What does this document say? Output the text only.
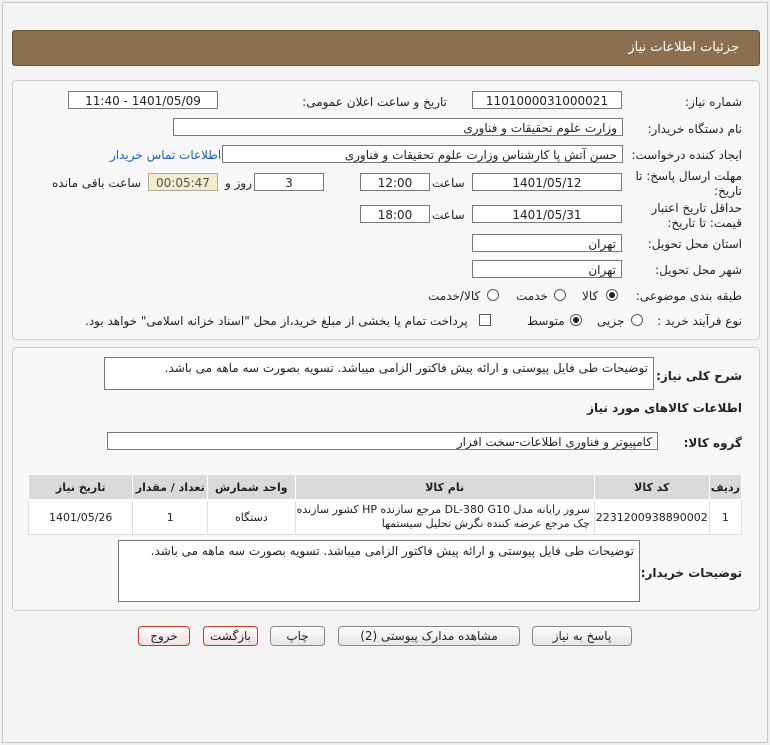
جزئیات اطلاعات نیاز
شماره نیاز:
1101000031000021
تاریخ و ساعت اعلان عمومی:
1401/05/09 - 11:40
نام دستگاه خریدار:
وزارت علوم تحقیقات و فناوری
ایجاد کننده درخواست:
حسن آتش پا کارشناس وزارت علوم تحقیقات و فناوری
اطلاعات تماس خریدار
مهلت ارسال پاسخ: تا
تاریخ:
1401/05/12
ساعت
12:00
3
روز و
00:05:47
ساعت باقی مانده
حداقل تاریخ اعتبار
قیمت: تا تاریخ:
1401/05/31
ساعت
18:00
استان محل تحویل:
تهران
شهر محل تحویل:
تهران
طبقه بندی موضوعی:
کالا
خدمت
کالا/خدمت
نوع فرآیند خرید :
جزیی
متوسط
پرداخت تمام یا بخشی از مبلغ خرید،از محل "اسناد خزانه اسلامی" خواهد بود.
شرح کلی نیاز:
توضیحات طی فایل پیوستی و ارائه پیش فاکتور الزامی میباشد. تسویه بصورت سه ماهه می باشد.
اطلاعات کالاهای مورد نیاز
گروه کالا:
کامپیوتر و فناوری اطلاعات-سخت افزار
ردیف	کد کالا	نام کالا	واحد شمارش	تعداد / مقدار	تاریخ نیاز
1	2231200938890002	سرور رایانه مدل DL-380 G10 مرجع سازنده HP کشور سازنده
چک مرجع عرضه کننده نگرش تحلیل سیستمها	دستگاه	1	1401/05/26
توضیحات خریدار:
توضیحات طی فایل پیوستی و ارائه پیش فاکتور الزامی میباشد. تسویه بصورت سه ماهه می باشد.
پاسخ به نیاز
مشاهده مدارک پیوستی (2)
چاپ
بازگشت
خروج
